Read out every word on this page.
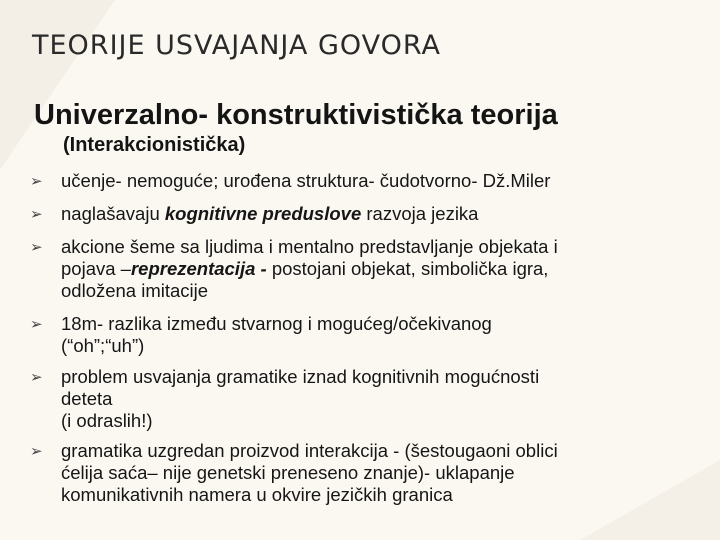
TEORIJE USVAJANJA GOVORA
Univerzalno- konstruktivistička teorija
(Interakcionistička)
➢ učenje- nemoguće; urođena struktura- čudotvorno- Dž.Miler
➢ naglašavaju kognitivne preduslove razvoja jezika
➢ akcione šeme sa ljudima i mentalno predstavljanje objekata i
pojava –reprezentacija - postojani objekat, simbolička igra,
odložena imitacije
➢ 18m- razlika između stvarnog i mogućeg/očekivanog
(“oh”;“uh”)
➢ problem usvajanja gramatike iznad kognitivnih mogućnosti
deteta
(i odraslih!)
➢ gramatika uzgredan proizvod interakcija - (šestougaoni oblici
ćelija saća– nije genetski preneseno znanje)- uklapanje
komunikativnih namera u okvire jezičkih granica
